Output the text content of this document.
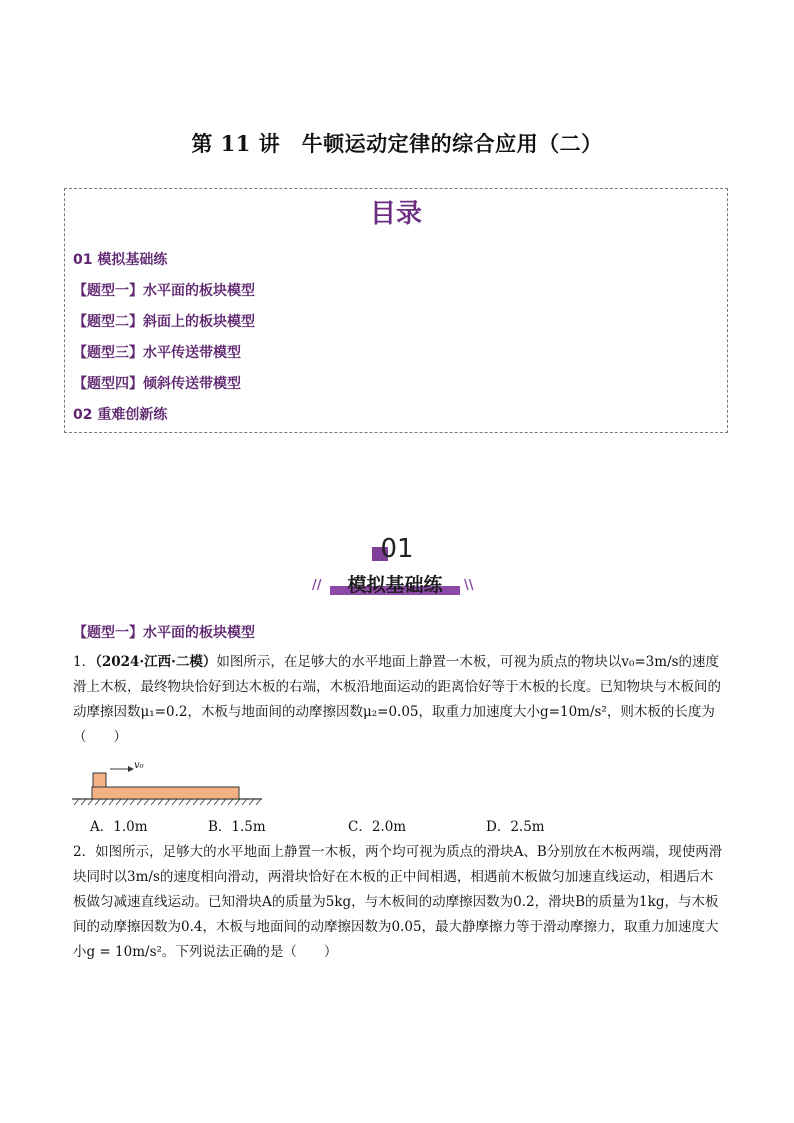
第 11 讲　牛顿运动定律的综合应用（二）
目录
01 模拟基础练
【题型一】水平面的板块模型
【题型二】斜面上的板块模型
【题型三】水平传送带模型
【题型四】倾斜传送带模型
02 重难创新练
01
//	模拟基础练	\\
【题型一】水平面的板块模型
1．（2024·江西·二模）如图所示，在足够大的水平地面上静置一木板，可视为质点的物块以v₀=3m/s的速度滑上木板，最终物块恰好到达木板的右端，木板沿地面运动的距离恰好等于木板的长度。已知物块与木板间的动摩擦因数μ₁=0.2，木板与地面间的动摩擦因数μ₂=0.05，取重力加速度大小g=10m/s²，则木板的长度为（　　）
v₀
A．1.0m	B．1.5m	C．2.0m	D．2.5m
2．如图所示，足够大的水平地面上静置一木板，两个均可视为质点的滑块A、B分别放在木板两端，现使两滑块同时以3m/s的速度相向滑动，两滑块恰好在木板的正中间相遇，相遇前木板做匀加速直线运动，相遇后木板做匀减速直线运动。已知滑块A的质量为5kg，与木板间的动摩擦因数为0.2，滑块B的质量为1kg，与木板间的动摩擦因数为0.4，木板与地面间的动摩擦因数为0.05，最大静摩擦力等于滑动摩擦力，取重力加速度大小g = 10m/s²。下列说法正确的是（　　）
